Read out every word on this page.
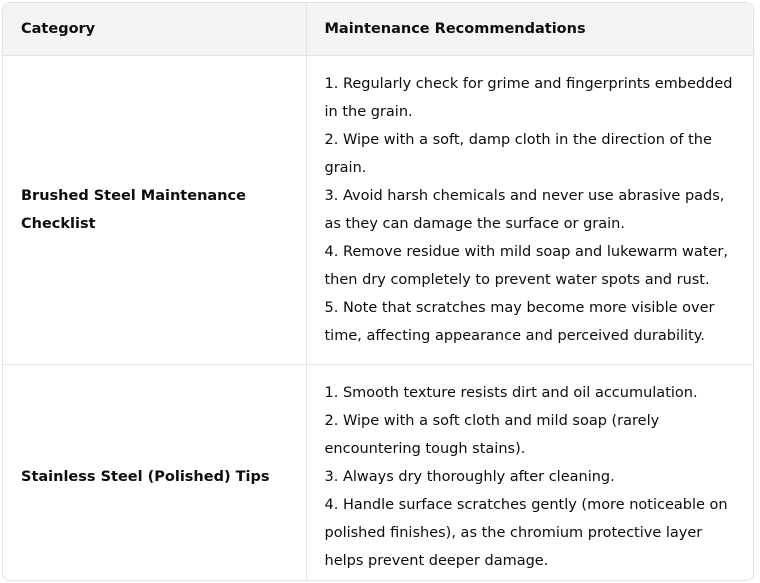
Category	Maintenance Recommendations
Brushed Steel Maintenance Checklist	1. Regularly check for grime and fingerprints embedded in the grain.
2. Wipe with a soft, damp cloth in the direction of the grain.
3. Avoid harsh chemicals and never use abrasive pads, as they can damage the surface or grain.
4. Remove residue with mild soap and lukewarm water, then dry completely to prevent water spots and rust.
5. Note that scratches may become more visible over time, affecting appearance and perceived durability.

Stainless Steel (Polished) Tips	1. Smooth texture resists dirt and oil accumulation.
2. Wipe with a soft cloth and mild soap (rarely encountering tough stains).
3. Always dry thoroughly after cleaning.
4. Handle surface scratches gently (more noticeable on polished finishes), as the chromium protective layer helps prevent deeper damage.
